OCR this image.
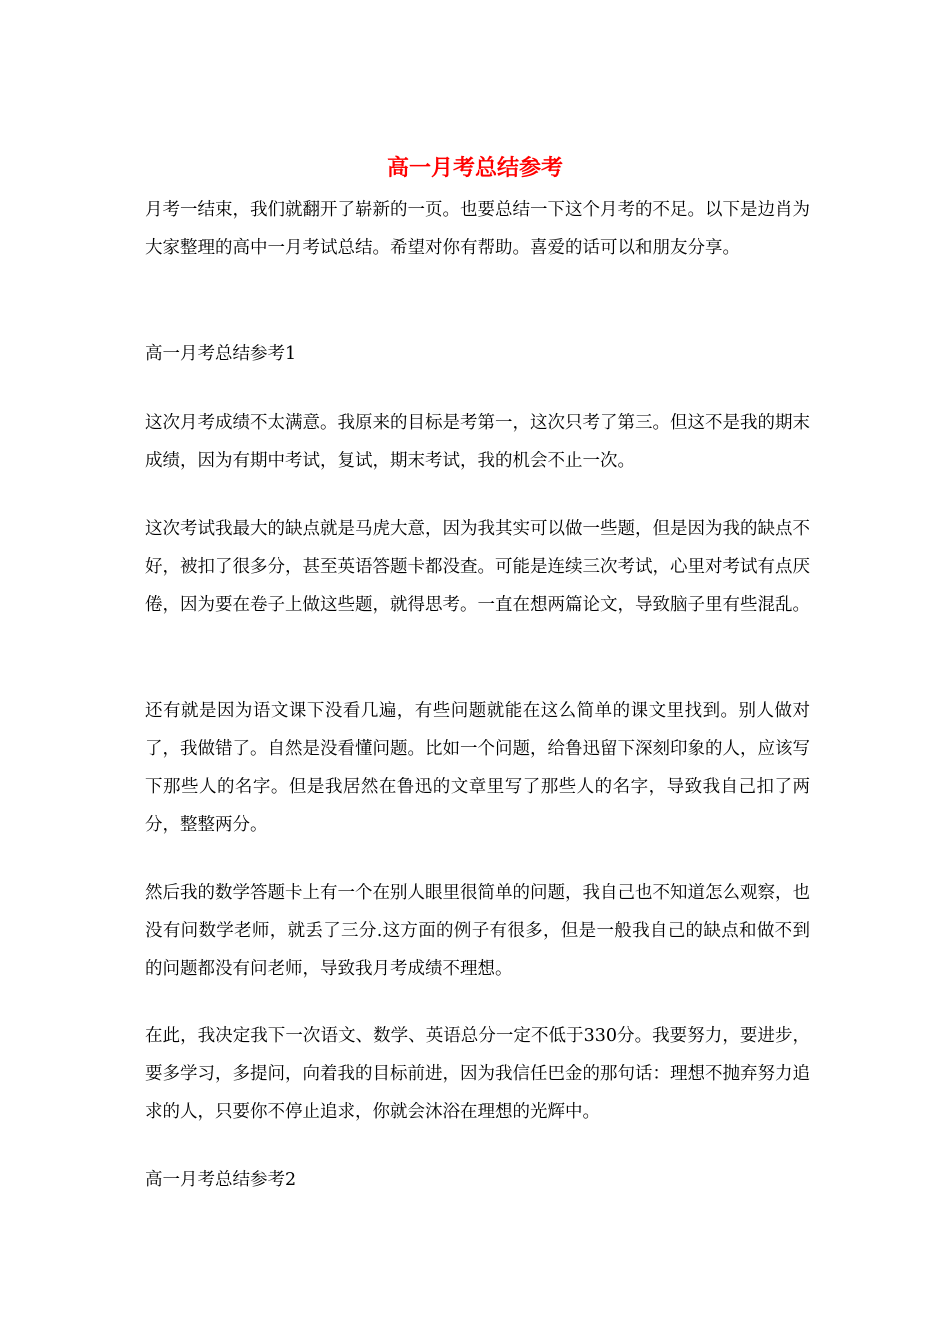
高一月考总结参考

月考一结束，我们就翻开了崭新的一页。也要总结一下这个月考的不足。以下是边肖为大家整理的高中一月考试总结。希望对你有帮助。喜爱的话可以和朋友分享。

高一月考总结参考1

这次月考成绩不太满意。我原来的目标是考第一，这次只考了第三。但这不是我的期末成绩，因为有期中考试，复试，期末考试，我的机会不止一次。

这次考试我最大的缺点就是马虎大意，因为我其实可以做一些题，但是因为我的缺点不好，被扣了很多分，甚至英语答题卡都没查。可能是连续三次考试，心里对考试有点厌倦，因为要在卷子上做这些题，就得思考。一直在想两篇论文，导致脑子里有些混乱。

还有就是因为语文课下没看几遍，有些问题就能在这么简单的课文里找到。别人做对了，我做错了。自然是没看懂问题。比如一个问题，给鲁迅留下深刻印象的人，应该写下那些人的名字。但是我居然在鲁迅的文章里写了那些人的名字，导致我自己扣了两分，整整两分。

然后我的数学答题卡上有一个在别人眼里很简单的问题，我自己也不知道怎么观察，也没有问数学老师，就丢了三分.这方面的例子有很多，但是一般我自己的缺点和做不到的问题都没有问老师，导致我月考成绩不理想。

在此，我决定我下一次语文、数学、英语总分一定不低于330分。我要努力，要进步，要多学习，多提问，向着我的目标前进，因为我信任巴金的那句话：理想不抛弃努力追求的人，只要你不停止追求，你就会沐浴在理想的光辉中。

高一月考总结参考2
